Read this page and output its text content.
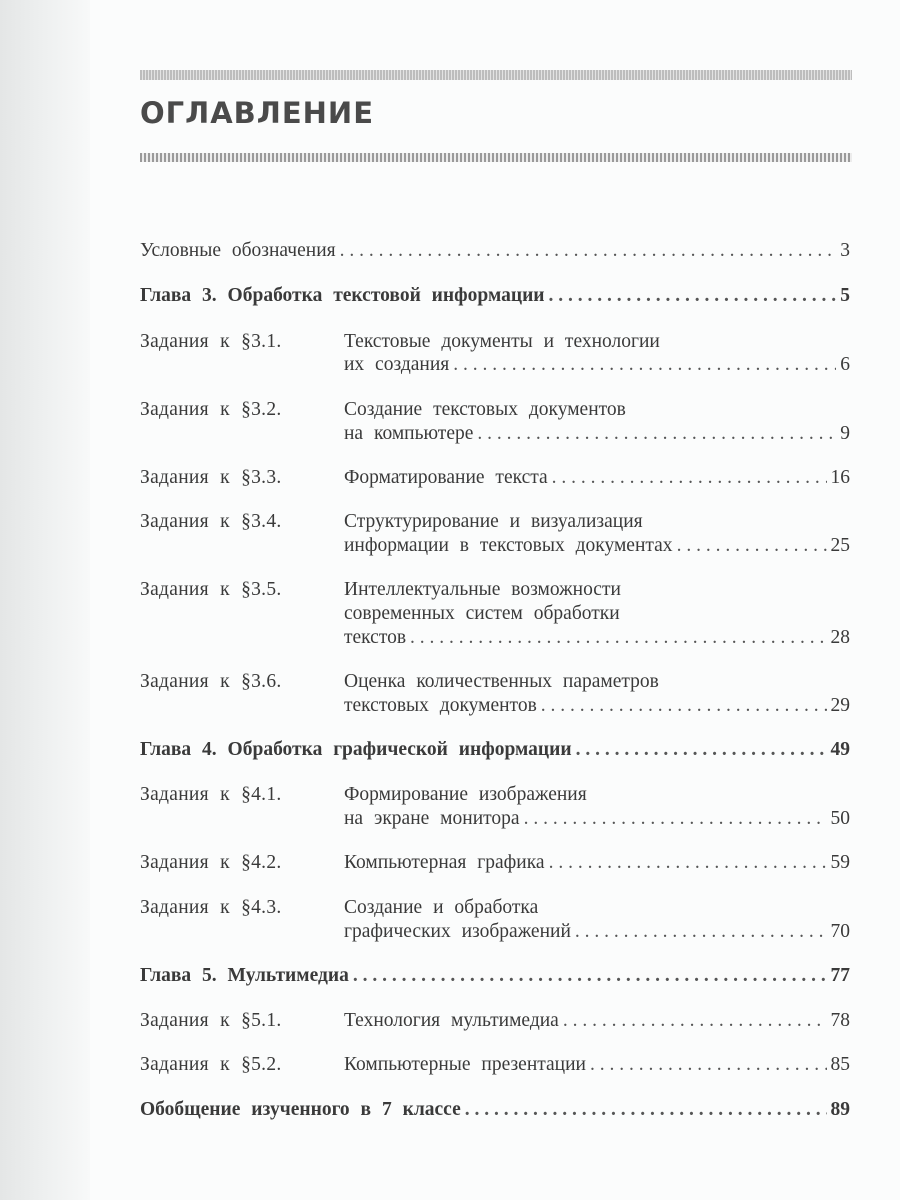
ОГЛАВЛЕНИЕ
Условные обозначения . . .	3
Глава 3. Обработка текстовой информации . . .	5
Задания к §3.1.	Текстовые документы и технологии
их создания . . .	6
Задания к §3.2.	Создание текстовых документов
на компьютере . . .	9
Задания к §3.3.	Форматирование текста . . .	16
Задания к §3.4.	Структурирование и визуализация
информации в текстовых документах . . .	25
Задания к §3.5.	Интеллектуальные возможности
современных систем обработки
текстов . . .	28
Задания к §3.6.	Оценка количественных параметров
текстовых документов . . .	29
Глава 4. Обработка графической информации . . .	49
Задания к §4.1.	Формирование изображения
на экране монитора . . .	50
Задания к §4.2.	Компьютерная графика . . .	59
Задания к §4.3.	Создание и обработка
графических изображений . . .	70
Глава 5. Мультимедиа . . .	77
Задания к §5.1.	Технология мультимедиа . . .	78
Задания к §5.2.	Компьютерные презентации . . .	85
Обобщение изученного в 7 классе . . .	89
